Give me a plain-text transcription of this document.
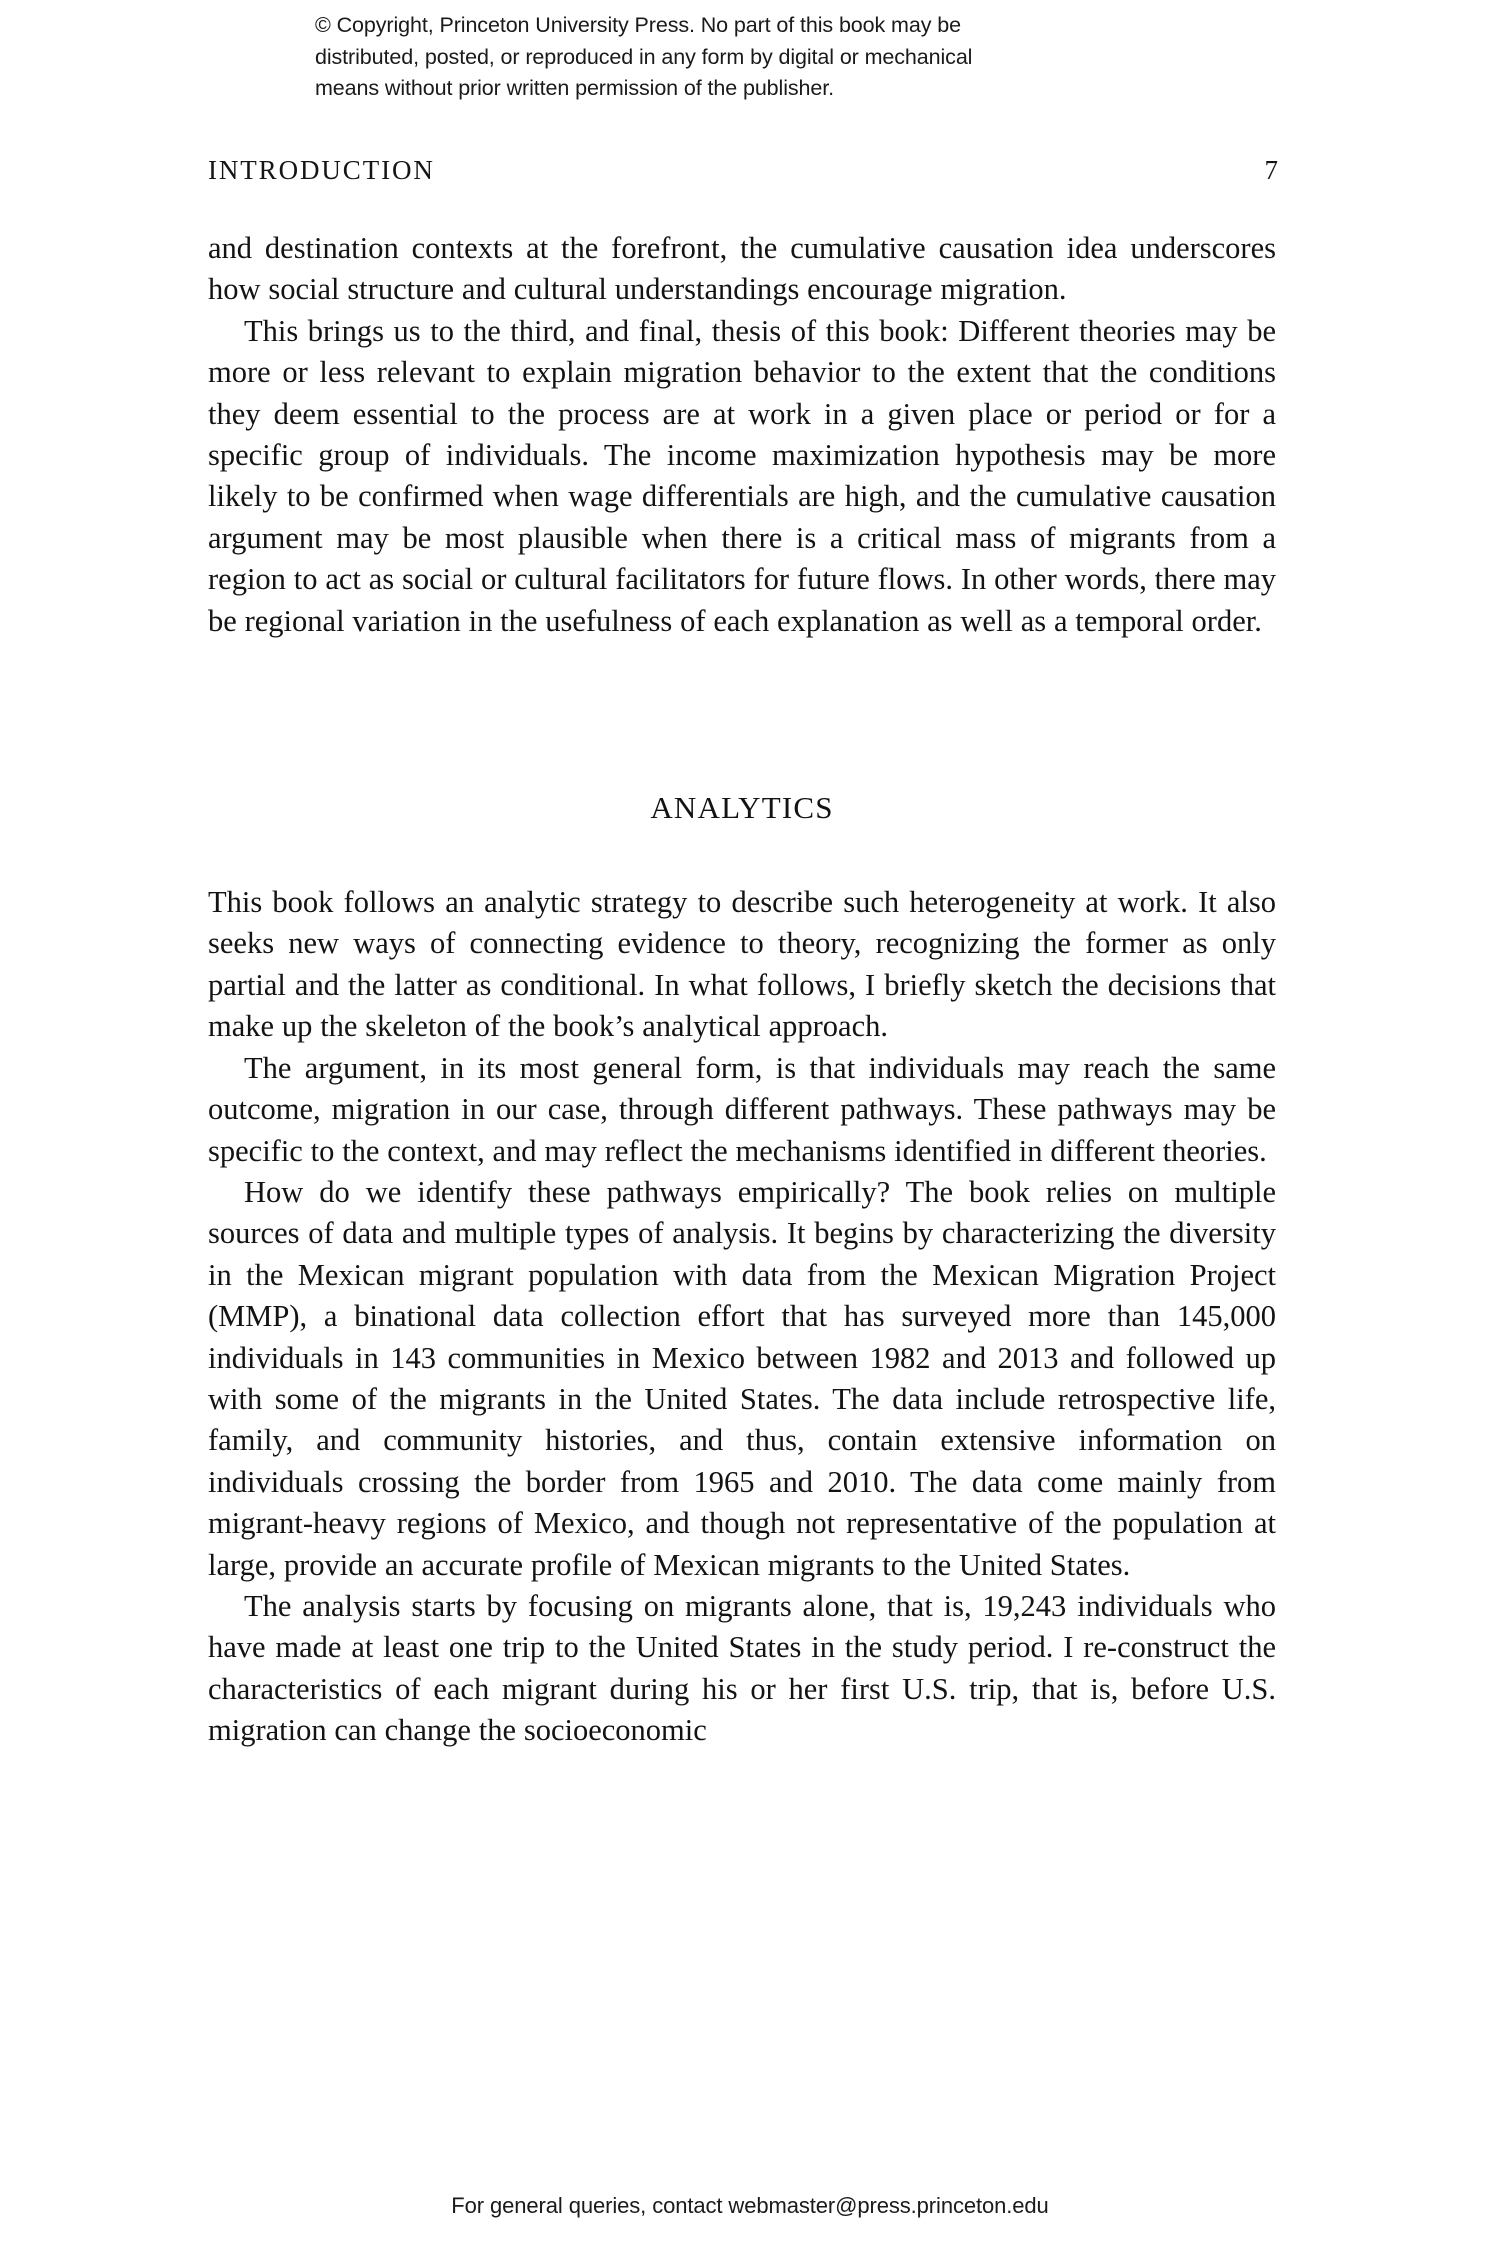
© Copyright, Princeton University Press. No part of this book may be
distributed, posted, or reproduced in any form by digital or mechanical
means without prior written permission of the publisher.
INTRODUCTION	7

and destination contexts at the forefront, the cumulative causation idea underscores how social structure and cultural understandings encourage migration.

This brings us to the third, and final, thesis of this book: Different theories may be more or less relevant to explain migration behavior to the extent that the conditions they deem essential to the process are at work in a given place or period or for a specific group of individuals. The income maximization hypothesis may be more likely to be confirmed when wage differentials are high, and the cumulative causation argument may be most plausible when there is a critical mass of migrants from a region to act as social or cultural facilitators for future flows. In other words, there may be regional variation in the usefulness of each explanation as well as a temporal order.

ANALYTICS

This book follows an analytic strategy to describe such heterogeneity at work. It also seeks new ways of connecting evidence to theory, recognizing the former as only partial and the latter as conditional. In what follows, I briefly sketch the decisions that make up the skeleton of the book’s analytical approach.

The argument, in its most general form, is that individuals may reach the same outcome, migration in our case, through different pathways. These pathways may be specific to the context, and may reflect the mechanisms identified in different theories.

How do we identify these pathways empirically? The book relies on multiple sources of data and multiple types of analysis. It begins by characterizing the diversity in the Mexican migrant population with data from the Mexican Migration Project (MMP), a binational data collection effort that has surveyed more than 145,000 individuals in 143 communities in Mexico between 1982 and 2013 and followed up with some of the migrants in the United States. The data include retrospective life, family, and community histories, and thus, contain extensive information on individuals crossing the border from 1965 and 2010. The data come mainly from migrant-heavy regions of Mexico, and though not representative of the population at large, provide an accurate profile of Mexican migrants to the United States.

The analysis starts by focusing on migrants alone, that is, 19,243 individuals who have made at least one trip to the United States in the study period. I re-construct the characteristics of each migrant during his or her first U.S. trip, that is, before U.S. migration can change the socioeconomic

For general queries, contact webmaster@press.princeton.edu
